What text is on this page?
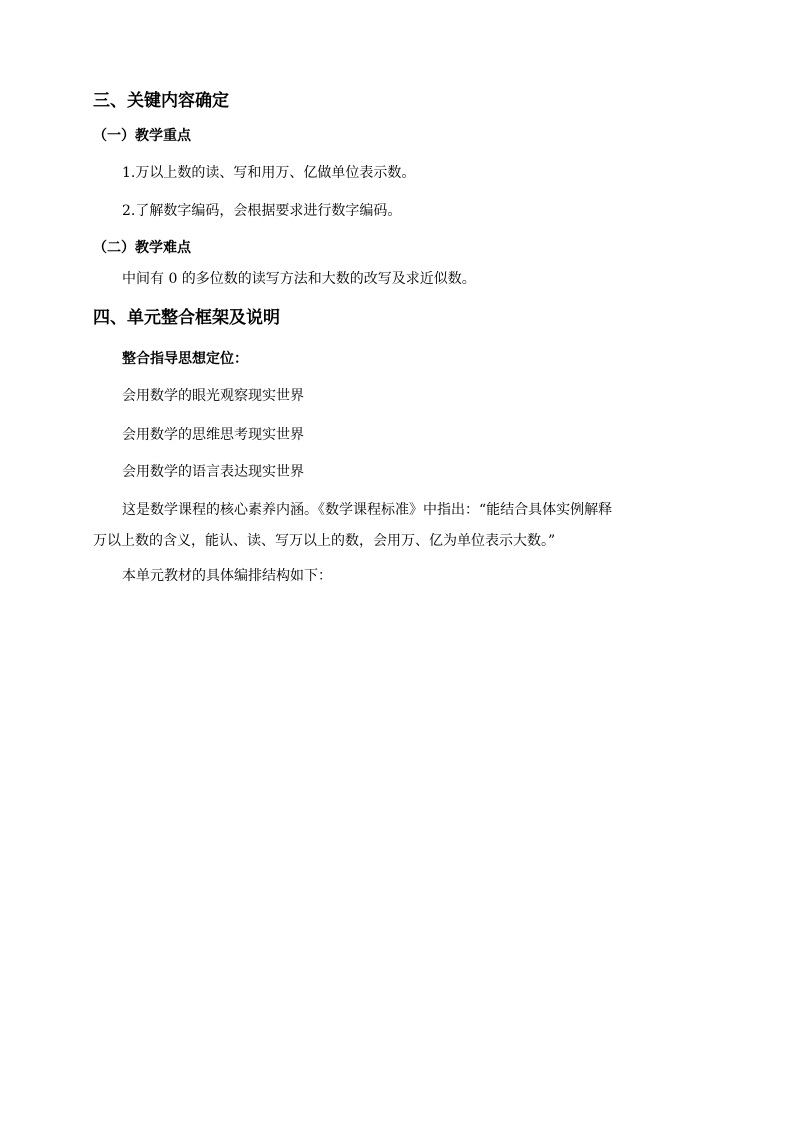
三、关键内容确定
（一）教学重点
1.万以上数的读、写和用万、亿做单位表示数。
2.了解数字编码，会根据要求进行数字编码。
（二）教学难点
中间有 0 的多位数的读写方法和大数的改写及求近似数。
四、单元整合框架及说明
整合指导思想定位：
会用数学的眼光观察现实世界
会用数学的思维思考现实世界
会用数学的语言表达现实世界
这是数学课程的核心素养内涵。《数学课程标准》中指出：“能结合具体实例解释
万以上数的含义，能认、读、写万以上的数，会用万、亿为单位表示大数。”
本单元教材的具体编排结构如下：
